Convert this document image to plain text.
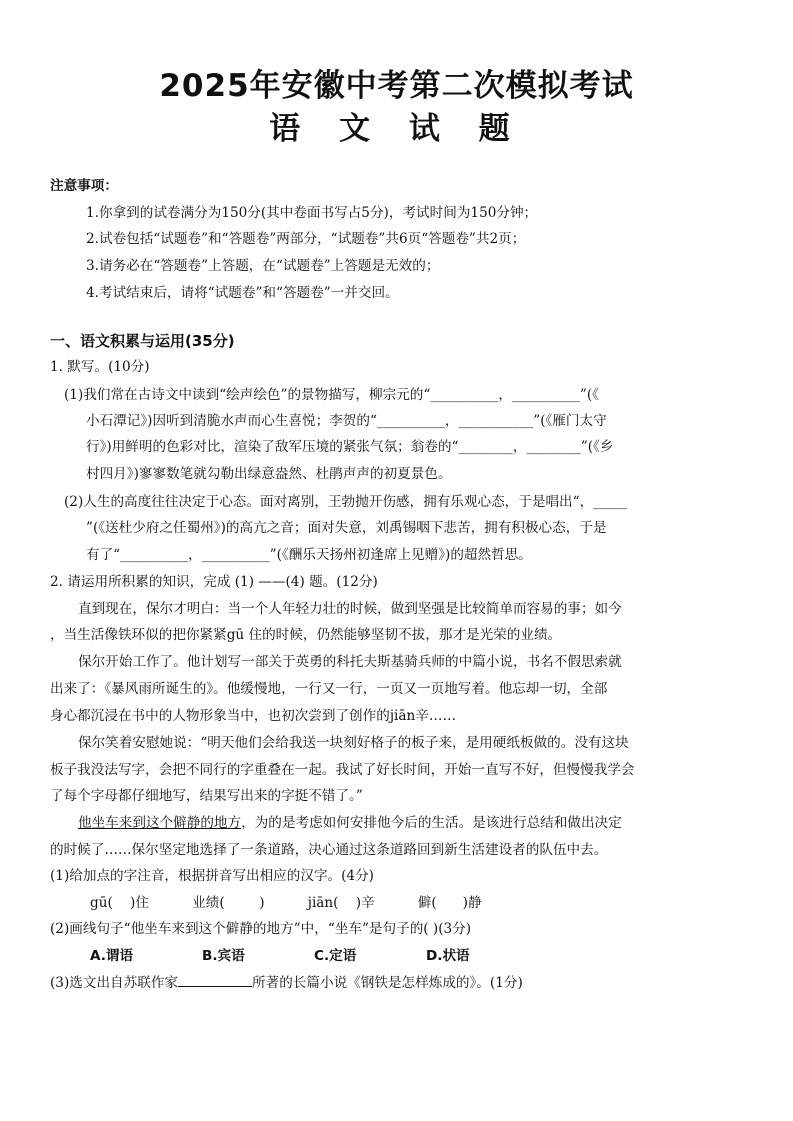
2025年安徽中考第二次模拟考试
语 文 试 题
注意事项：
1.你拿到的试卷满分为150分(其中卷面书写占5分)，考试时间为150分钟；
2.试卷包括“试题卷”和“答题卷”两部分，“试题卷”共6页“答题卷”共2页；
3.请务必在“答题卷”上答题，在“试题卷”上答题是无效的；
4.考试结束后，请将“试题卷”和“答题卷”一并交回。
一、语文积累与运用(35分)
1. 默写。(10分)
(1)我们常在古诗文中读到“绘声绘色”的景物描写，柳宗元的“__________，__________”(《
小石潭记》)因听到清脆水声而心生喜悦；李贺的“__________，___________”(《雁门太守
行》)用鲜明的色彩对比，渲染了敌军压境的紧张气氛；翁卷的“________，________”(《乡
村四月》)寥寥数笔就勾勒出绿意盎然、杜鹃声声的初夏景色。
(2)人生的高度往往决定于心态。面对离别，王勃抛开伤感，拥有乐观心态，于是唱出“，_____
”(《送杜少府之任蜀州》)的高亢之音；面对失意，刘禹锡咽下悲苦，拥有积极心态，于是
有了“__________，__________”(《酬乐天扬州初逢席上见赠》)的超然哲思。
2. 请运用所积累的知识，完成 (1) ——(4) 题。(12分)
直到现在，保尔才明白：当一个人年轻力壮的时候，做到坚强是比较简单而容易的事；如今
，当生活像铁环似的把你紧紧gū 住的时候，仍然能够坚韧不拔，那才是光荣的业绩。
保尔开始工作了。他计划写一部关于英勇的科托夫斯基骑兵师的中篇小说，书名不假思索就
出来了：《暴风雨所诞生的》。他缓慢地，一行又一行，一页又一页地写着。他忘却一切，全部
身心都沉浸在书中的人物形象当中，也初次尝到了创作的jiān辛……
保尔笑着安慰她说：“明天他们会给我送一块刻好格子的板子来，是用硬纸板做的。没有这块
板子我没法写字，会把不同行的字重叠在一起。我试了好长时间，开始一直写不好，但慢慢我学会
了每个字母都仔细地写，结果写出来的字挺不错了。”
他坐车来到这个僻静的地方，为的是考虑如何安排他今后的生活。是该进行总结和做出决定
的时候了……保尔坚定地选择了一条道路，决心通过这条道路回到新生活建设者的队伍中去。
(1)给加点的字注音，根据拼音写出相应的汉字。(4分)
gū(    )住          业绩(        )          jiān(    )辛          僻(      )静
(2)画线句子“他坐车来到这个僻静的地方”中，“坐车”是句子的( )(3分)
A.谓语	B.宾语	C.定语	D.状语
(3)选文出自苏联作家	所著的长篇小说《钢铁是怎样炼成的》。(1分)
